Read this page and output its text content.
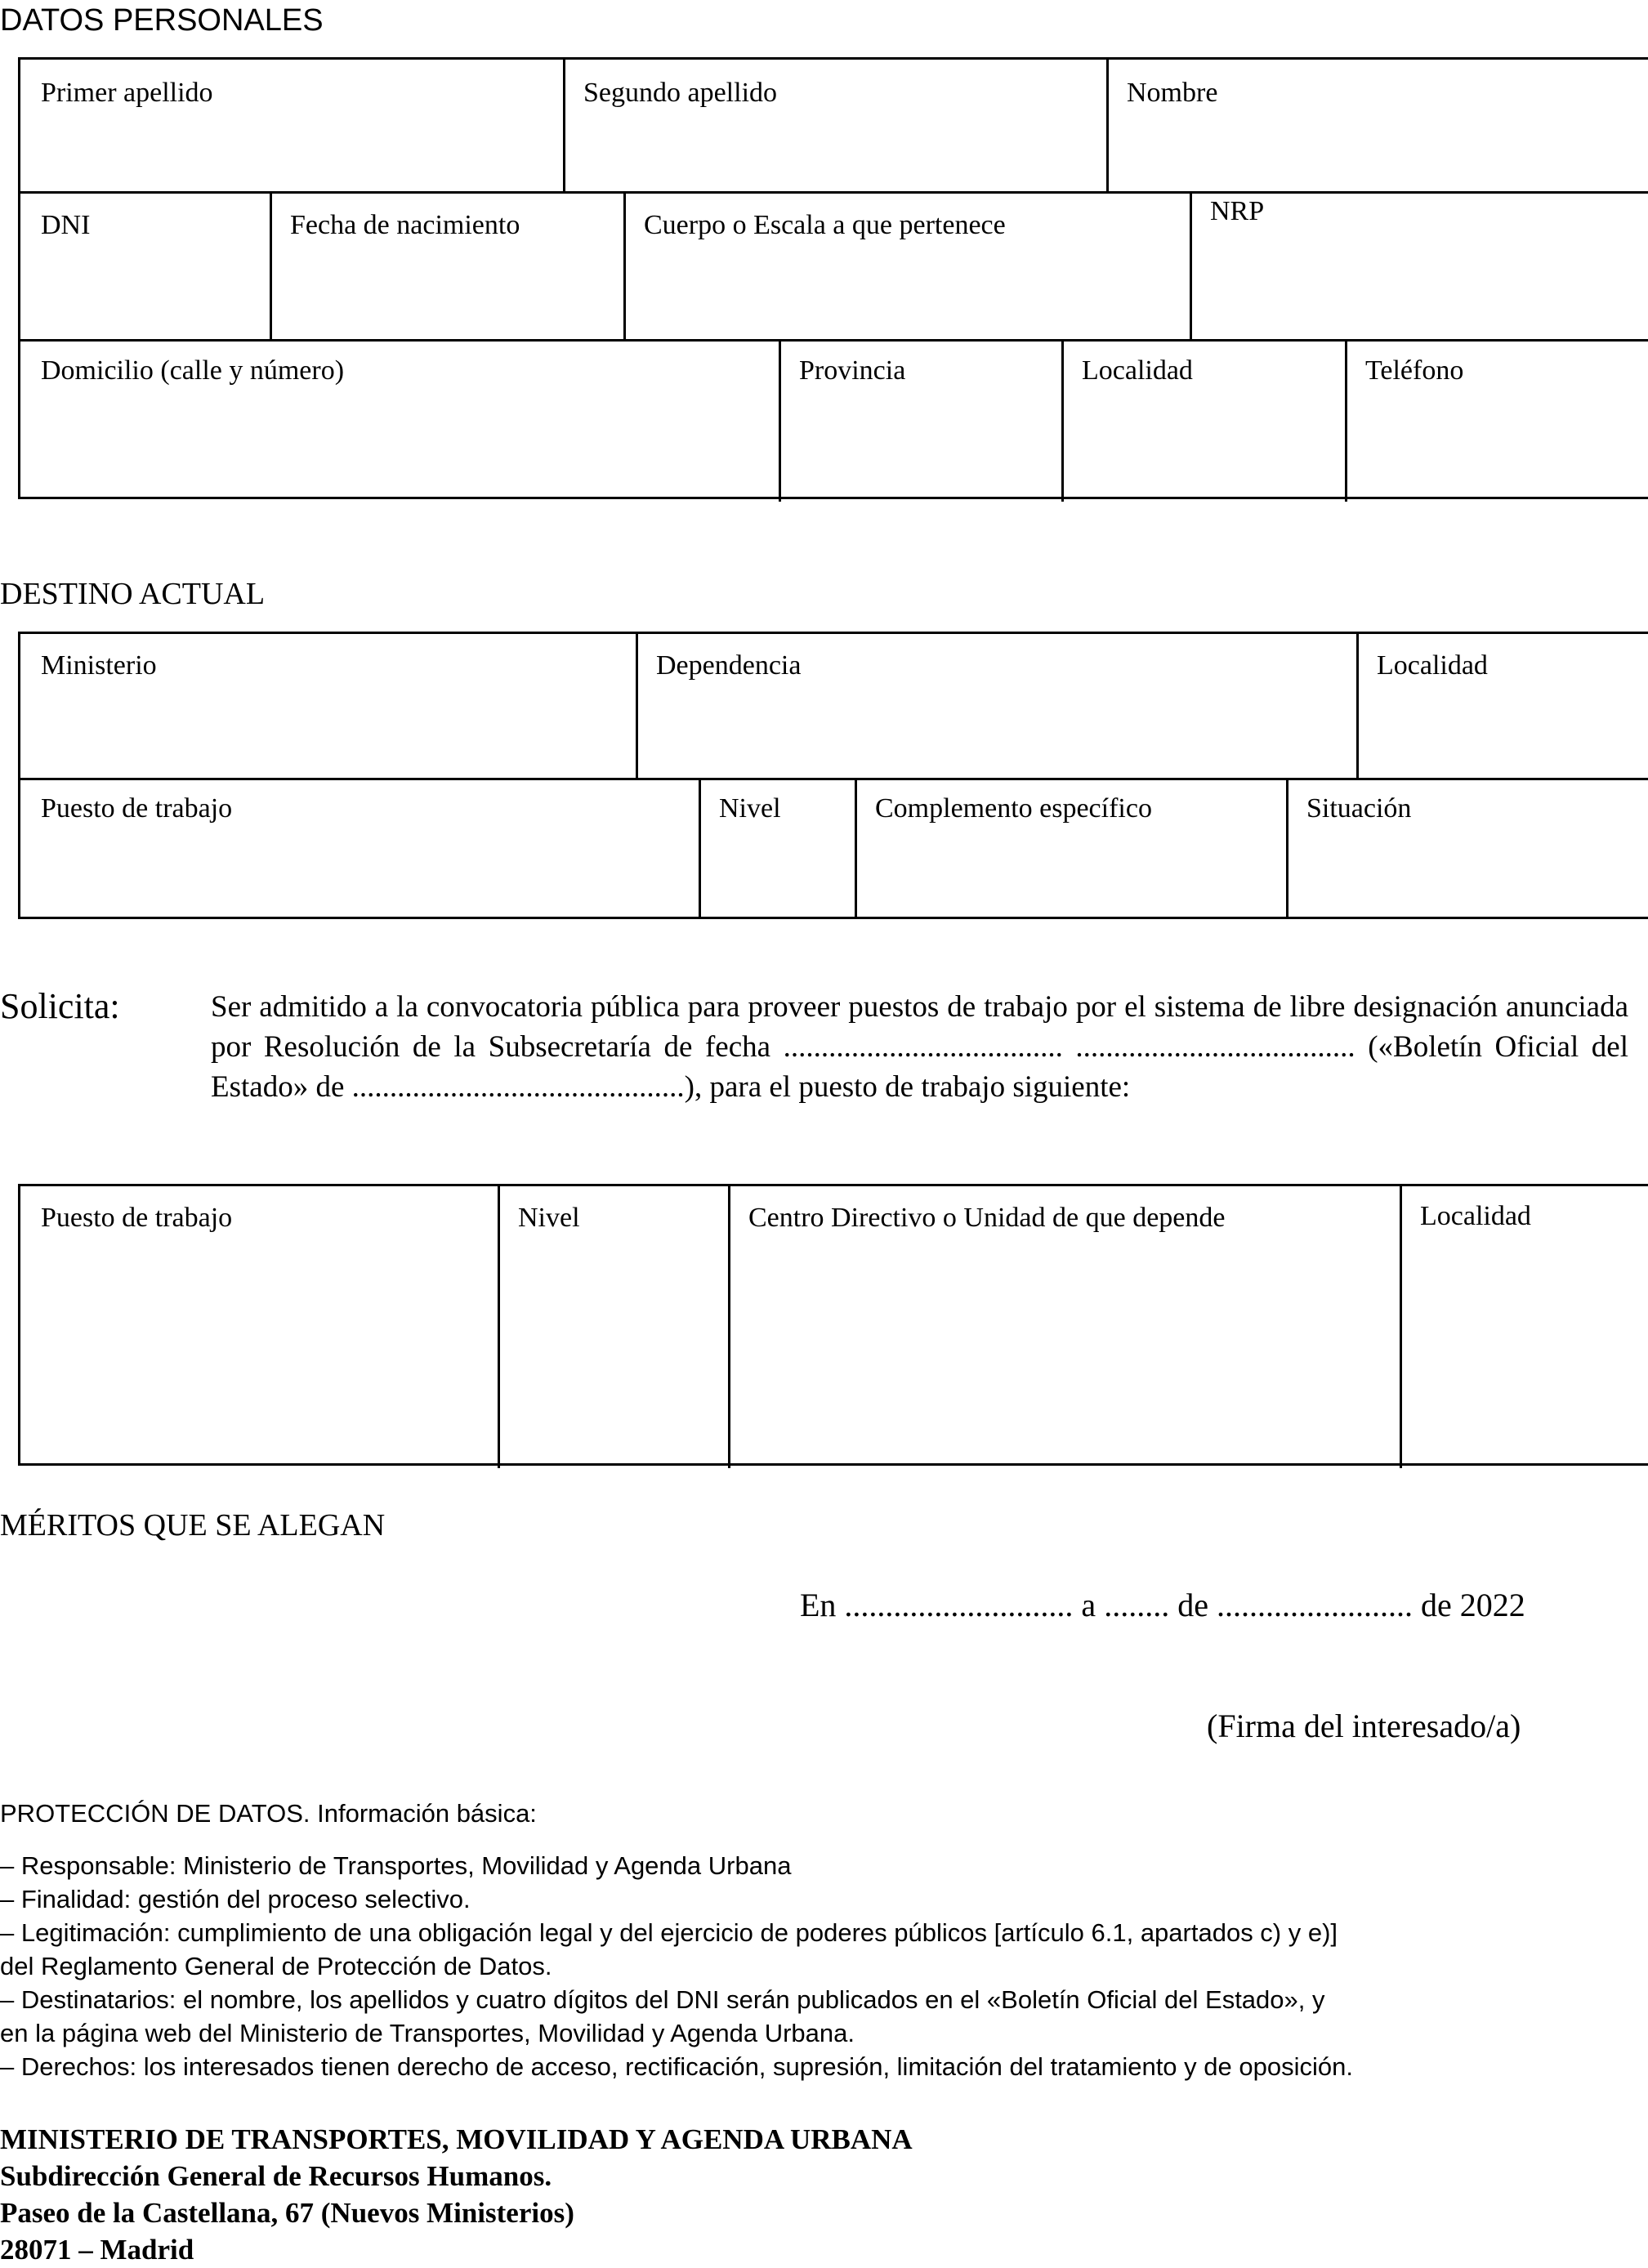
DATOS PERSONALES
Primer apellido	Segundo apellido	Nombre
DNI	Fecha de nacimiento	Cuerpo o Escala a que pertenece	NRP
Domicilio (calle y número)	Provincia	Localidad	Teléfono
DESTINO ACTUAL
Ministerio	Dependencia	Localidad
Puesto de trabajo	Nivel	Complemento específico	Situación
Solicita:	Ser admitido a la convocatoria pública para proveer puestos de trabajo por el sistema de libre designación anunciada por Resolución de la Subsecretaría de fecha ..................................... ..................................... («Boletín Oficial del Estado» de ............................................), para el puesto de trabajo siguiente:
Puesto de trabajo	Nivel	Centro Directivo o Unidad de que depende	Localidad
MÉRITOS QUE SE ALEGAN
En ............................ a ........ de ........................ de 2022
(Firma del interesado/a)
PROTECCIÓN DE DATOS. Información básica:
– Responsable: Ministerio de Transportes, Movilidad y Agenda Urbana
– Finalidad: gestión del proceso selectivo.
– Legitimación: cumplimiento de una obligación legal y del ejercicio de poderes públicos [artículo 6.1, apartados c) y e)]
del Reglamento General de Protección de Datos.
– Destinatarios: el nombre, los apellidos y cuatro dígitos del DNI serán publicados en el «Boletín Oficial del Estado», y
en la página web del Ministerio de Transportes, Movilidad y Agenda Urbana.
– Derechos: los interesados tienen derecho de acceso, rectificación, supresión, limitación del tratamiento y de oposición.
MINISTERIO DE TRANSPORTES, MOVILIDAD Y AGENDA URBANA
Subdirección General de Recursos Humanos.
Paseo de la Castellana, 67 (Nuevos Ministerios)
28071 – Madrid
